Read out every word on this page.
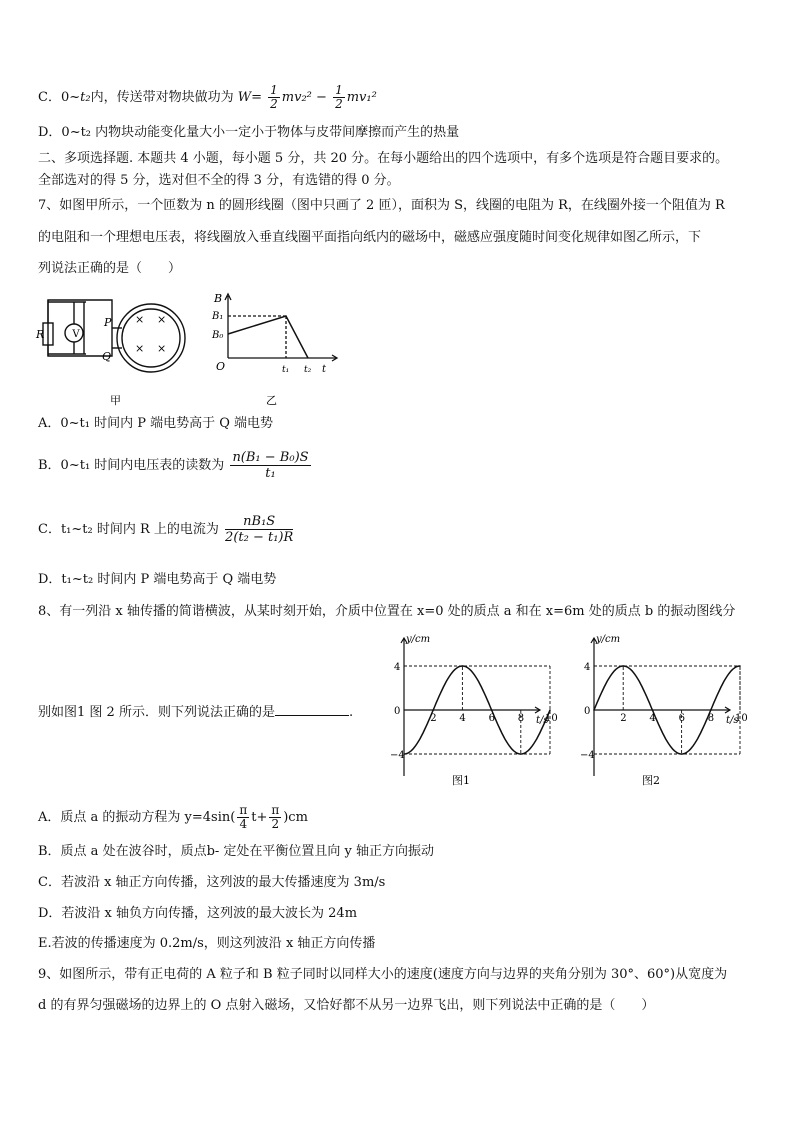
C．0~t₂内，传送带对物块做功为 $W= \frac{1}{2} mv_2^2 - \frac{1}{2} mv_1^2$
D．0~t₂ 内物块动能变化量大小一定小于物体与皮带间摩擦而产生的热量
二、多项选择题. 本题共 4 小题，每小题 5 分，共 20 分。在每小题给出的四个选项中，有多个选项是符合题目要求的。
全部选对的得 5 分，选对但不全的得 3 分，有选错的得 0 分。
7、如图甲所示，一个匝数为 n 的圆形线圈（图中只画了 2 匝），面积为 S，线圈的电阻为 R，在线圈外接一个阻值为 R
的电阻和一个理想电压表，将线圈放入垂直线圈平面指向纸内的磁场中，磁感应强度随时间变化规律如图乙所示，下
列说法正确的是（　　）
V
R
P
Q
× ×
× ×
甲
B
B₁
B₀
O	t₁ t₂ t
乙
A．0~t₁ 时间内 P 端电势高于 Q 端电势
B．0~t₁ 时间内电压表的读数为 $\frac{\text{n(B₁ − B₀)S}}{\text{t₁}}$
C．t₁~t₂ 时间内 R 上的电流为 $\frac{\text{nB₁S}}{\text{2(t₂ − t₁)R}}$
D．t₁~t₂ 时间内 P 端电势高于 Q 端电势
8、有一列沿 x 轴传播的简谐横波，从某时刻开始，介质中位置在 x=0 处的质点 a 和在 x=6m 处的质点 b 的振动图线分
别如图1 图 2 所示．则下列说法正确的是	.	2 4 6 8 10
4
−4
0
y/cm
t/s
图1
2 4 6 8 10
4
−4
0
y/cm
t/s
图2
A．质点 a 的振动方程为 $y=4\sin( \frac{\pi}{4} t+ \frac{\pi}{2} )cm$
B．质点 a 处在波谷时，质点b- 定处在平衡位置且向 y 轴正方向振动
C．若波沿 x 轴正方向传播，这列波的最大传播速度为 3m/s
D．若波沿 x 轴负方向传播，这列波的最大波长为 24m
E.若波的传播速度为 0.2m/s，则这列波沿 x 轴正方向传播
9、如图所示，带有正电荷的 A 粒子和 B 粒子同时以同样大小的速度(速度方向与边界的夹角分别为 30°、60°)从宽度为
d 的有界匀强磁场的边界上的 O 点射入磁场，又恰好都不从另一边界飞出，则下列说法中正确的是（　　）
